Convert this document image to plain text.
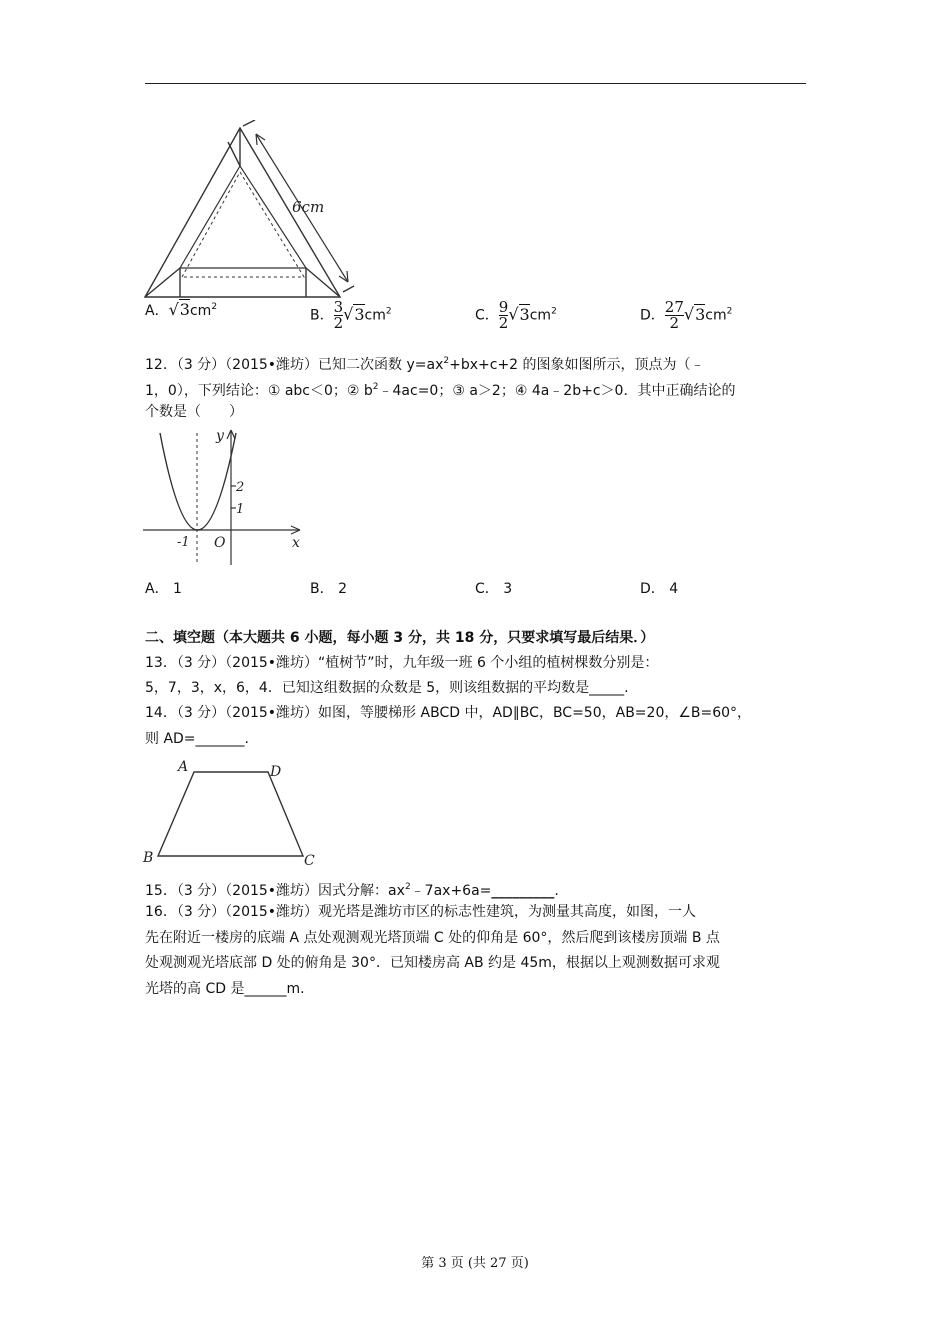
6cm
A．$√3cm^2$
B． $\frac{3}{2} √3cm^2$	C． $\frac{9}{2} √3cm^2$	D． $\frac{27}{2} √3cm^2$
12．（3 分）（2015•潍坊）已知二次函数 $y=ax^2+bx+c+2$ 的图象如图所示，顶点为（﹣
1，0），下列结论：① abc＜0；② $b^2﹣4ac=0$；③ a＞2；④ 4a﹣2b+c＞0．其中正确结论的
个数是（　　）
y
x
2
1
-1 O
A． 1	B． 2	C． 3	D． 4
二、填空题（本大题共 6 小题，每小题 3 分，共 18 分，只要求填写最后结果．）
13．（3 分）（2015•潍坊）“植树节”时，九年级一班 6 个小组的植树棵数分别是：
5，7，3，x，6，4．已知这组数据的众数是 5，则该组数据的平均数是_____.
14．（3 分）（2015•潍坊）如图，等腰梯形 ABCD 中，AD∥BC，BC=50，AB=20，∠B=60°，
则 AD=_______.
A	D
B	C
15．（3 分）（2015•潍坊）因式分解：$ax^2﹣7ax+6a=\_\_\_\_\_\_\_\_\_$.
16．（3 分）（2015•潍坊）观光塔是潍坊市区的标志性建筑，为测量其高度，如图，一人
先在附近一楼房的底端 A 点处观测观光塔顶端 C 处的仰角是 60°，然后爬到该楼房顶端 B 点
处观测观光塔底部 D 处的俯角是 30°．已知楼房高 AB 约是 45m，根据以上观测数据可求观
光塔的高 CD 是______m.
第 3 页 (共 27 页)
